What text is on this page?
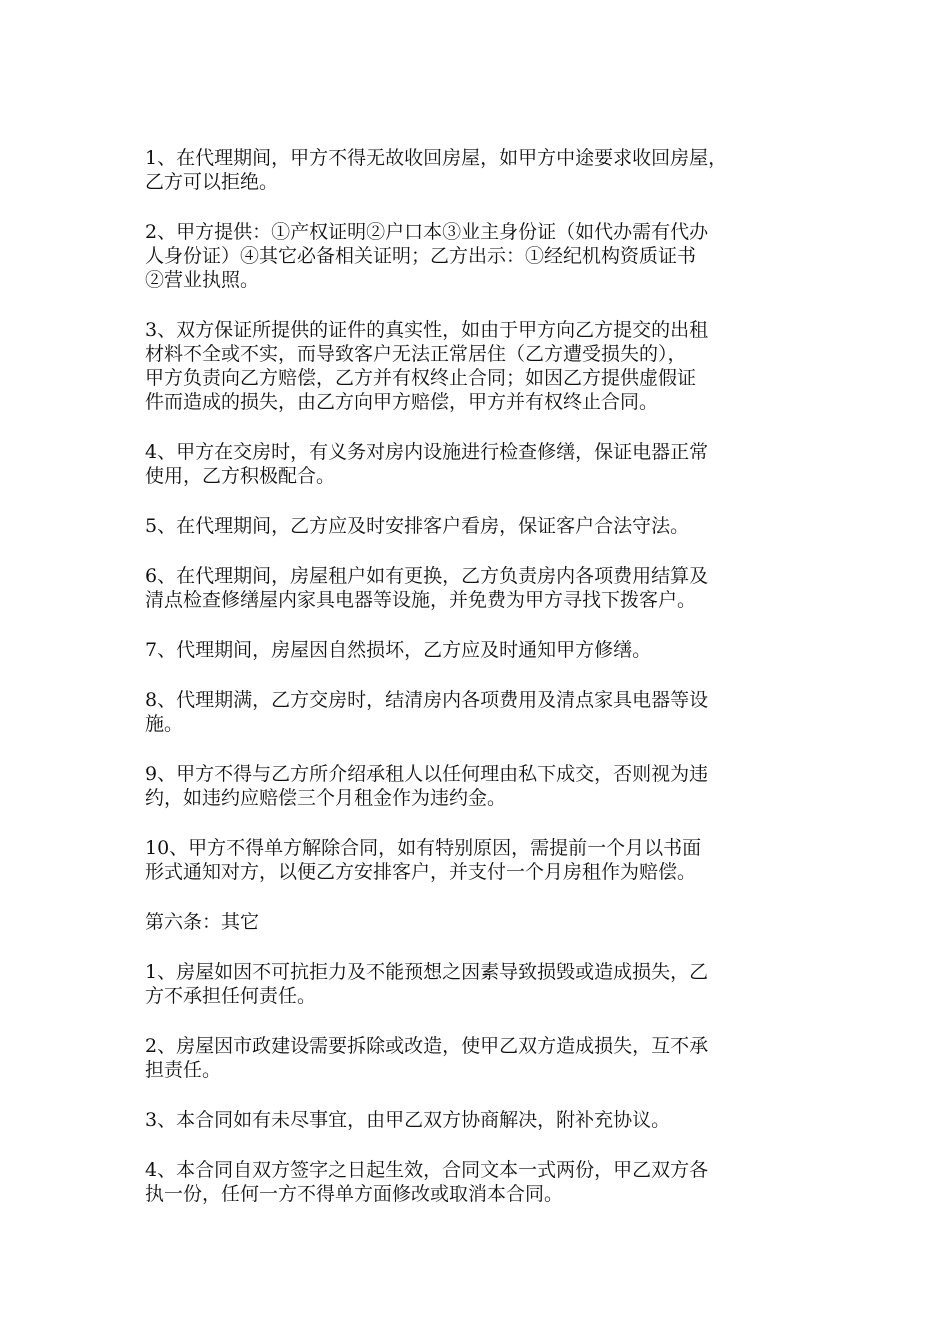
1、在代理期间，甲方不得无故收回房屋，如甲方中途要求收回房屋，
乙方可以拒绝。

2、甲方提供：①产权证明②户口本③业主身份证（如代办需有代办
人身份证）④其它必备相关证明；乙方出示：①经纪机构资质证书
②营业执照。

3、双方保证所提供的证件的真实性，如由于甲方向乙方提交的出租
材料不全或不实，而导致客户无法正常居住（乙方遭受损失的），
甲方负责向乙方赔偿，乙方并有权终止合同；如因乙方提供虚假证
件而造成的损失，由乙方向甲方赔偿，甲方并有权终止合同。

4、甲方在交房时，有义务对房内设施进行检查修缮，保证电器正常
使用，乙方积极配合。

5、在代理期间，乙方应及时安排客户看房，保证客户合法守法。

6、在代理期间，房屋租户如有更换，乙方负责房内各项费用结算及
清点检查修缮屋内家具电器等设施，并免费为甲方寻找下拨客户。

7、代理期间，房屋因自然损坏，乙方应及时通知甲方修缮。

8、代理期满，乙方交房时，结清房内各项费用及清点家具电器等设
施。

9、甲方不得与乙方所介绍承租人以任何理由私下成交，否则视为违
约，如违约应赔偿三个月租金作为违约金。

10、甲方不得单方解除合同，如有特别原因，需提前一个月以书面
形式通知对方，以便乙方安排客户，并支付一个月房租作为赔偿。

第六条：其它

1、房屋如因不可抗拒力及不能预想之因素导致损毁或造成损失，乙
方不承担任何责任。

2、房屋因市政建设需要拆除或改造，使甲乙双方造成损失，互不承
担责任。

3、本合同如有未尽事宜，由甲乙双方协商解决，附补充协议。

4、本合同自双方签字之日起生效，合同文本一式两份，甲乙双方各
执一份，任何一方不得单方面修改或取消本合同。
